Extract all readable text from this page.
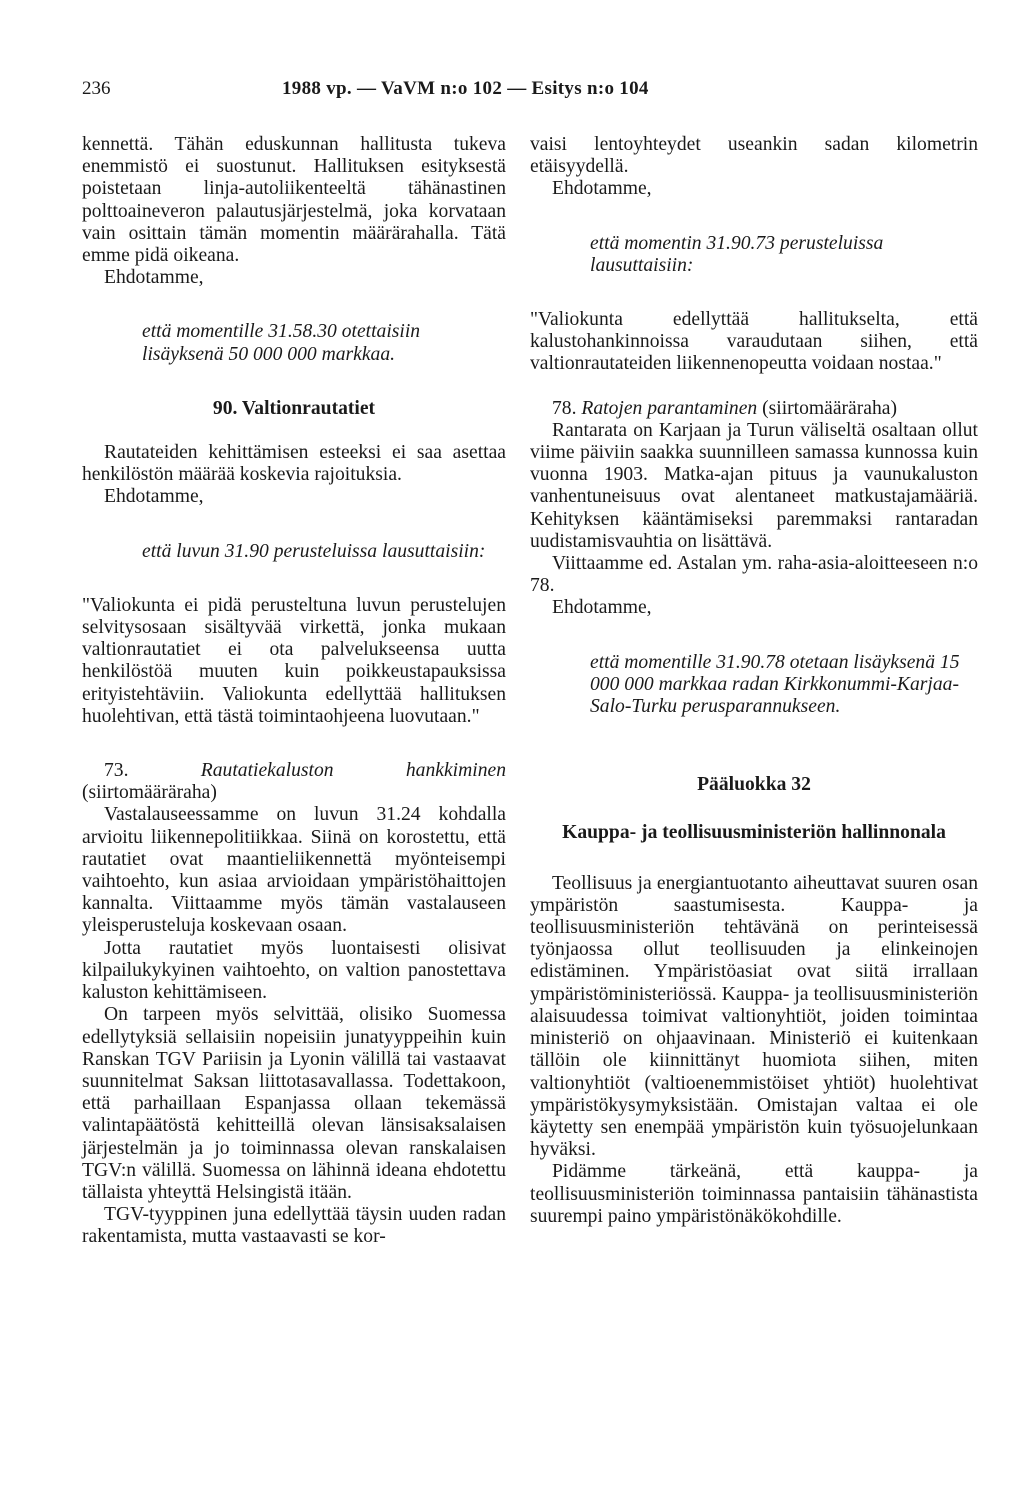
236	1988 vp. — VaVM n:o 102 — Esitys n:o 104

kennettä. Tähän eduskunnan hallitusta tukeva enemmistö ei suostunut. Hallituksen esityksestä poistetaan linja-autoliikenteeltä tähänastinen polttoaineveron palautusjärjestelmä, joka korvataan vain osittain tämän momentin määrärahalla. Tätä emme pidä oikeana.

Ehdotamme,

että momentille 31.58.30 otettaisiin lisäyksenä 50 000 000 markkaa.

90. Valtionrautatiet

Rautateiden kehittämisen esteeksi ei saa asettaa henkilöstön määrää koskevia rajoituksia.

Ehdotamme,

että luvun 31.90 perusteluissa lausuttaisiin:

"Valiokunta ei pidä perusteltuna luvun perustelujen selvitysosaan sisältyvää virkettä, jonka mukaan valtionrautatiet ei ota palvelukseensa uutta henkilöstöä muuten kuin poikkeustapauksissa erityistehtäviin. Valiokunta edellyttää hallituksen huolehtivan, että tästä toimintaohjeena luovutaan."

73.	Rautatiekaluston hankkiminen (siirtomääräraha)

Vastalauseessamme on luvun 31.24 kohdalla arvioitu liikennepolitiikkaa. Siinä on korostettu, että rautatiet ovat maantieliikennettä myönteisempi vaihtoehto, kun asiaa arvioidaan ympäristöhaittojen kannalta. Viittaamme myös tämän vastalauseen yleisperusteluja koskevaan osaan.

Jotta rautatiet myös luontaisesti olisivat kilpailukykyinen vaihtoehto, on valtion panostettava kaluston kehittämiseen.

On tarpeen myös selvittää, olisiko Suomessa edellytyksiä sellaisiin nopeisiin junatyyppeihin kuin Ranskan TGV Pariisin ja Lyonin välillä tai vastaavat suunnitelmat Saksan liittotasavallassa. Todettakoon, että parhaillaan Espanjassa ollaan tekemässä valintapäätöstä kehitteillä olevan länsisaksalaisen järjestelmän ja jo toiminnassa olevan ranskalaisen TGV:n välillä. Suomessa on lähinnä ideana ehdotettu tällaista yhteyttä Helsingistä itään.

TGV-tyyppinen juna edellyttää täysin uuden radan rakentamista, mutta vastaavasti se kor-

vaisi lentoyhteydet useankin sadan kilometrin etäisyydellä.

Ehdotamme,

että momentin 31.90.73 perusteluissa lausuttaisiin:

"Valiokunta edellyttää hallitukselta, että kalustohankinnoissa varaudutaan siihen, että valtionrautateiden liikennenopeutta voidaan nostaa."

78. Ratojen parantaminen (siirtomääräraha)

Rantarata on Karjaan ja Turun väliseltä osaltaan ollut viime päiviin saakka suunnilleen samassa kunnossa kuin vuonna 1903. Matka-ajan pituus ja vaunukaluston vanhentuneisuus ovat alentaneet matkustajamääriä. Kehityksen kääntämiseksi paremmaksi rantaradan uudistamisvauhtia on lisättävä.

Viittaamme ed. Astalan ym. raha-asia-aloitteeseen n:o 78.

Ehdotamme,

että momentille 31.90.78 otetaan lisäyksenä 15 000 000 markkaa radan Kirkkonummi-Karjaa-Salo-Turku perusparannukseen.

Pääluokka 32

Kauppa- ja teollisuusministeriön hallinnonala

Teollisuus ja energiantuotanto aiheuttavat suuren osan ympäristön saastumisesta. Kauppa- ja teollisuusministeriön tehtävänä on perinteisessä työnjaossa ollut teollisuuden ja elinkeinojen edistäminen. Ympäristöasiat ovat siitä irrallaan ympäristöministeriössä. Kauppa- ja teollisuusministeriön alaisuudessa toimivat valtionyhtiöt, joiden toimintaa ministeriö on ohjaavinaan. Ministeriö ei kuitenkaan tällöin ole kiinnittänyt huomiota siihen, miten valtionyhtiöt (valtioenemmistöiset yhtiöt) huolehtivat ympäristökysymyksistään. Omistajan valtaa ei ole käytetty sen enempää ympäristön kuin työsuojelunkaan hyväksi.

Pidämme tärkeänä, että kauppa- ja teollisuusministeriön toiminnassa pantaisiin tähänastista suurempi paino ympäristönäkökohdille.
